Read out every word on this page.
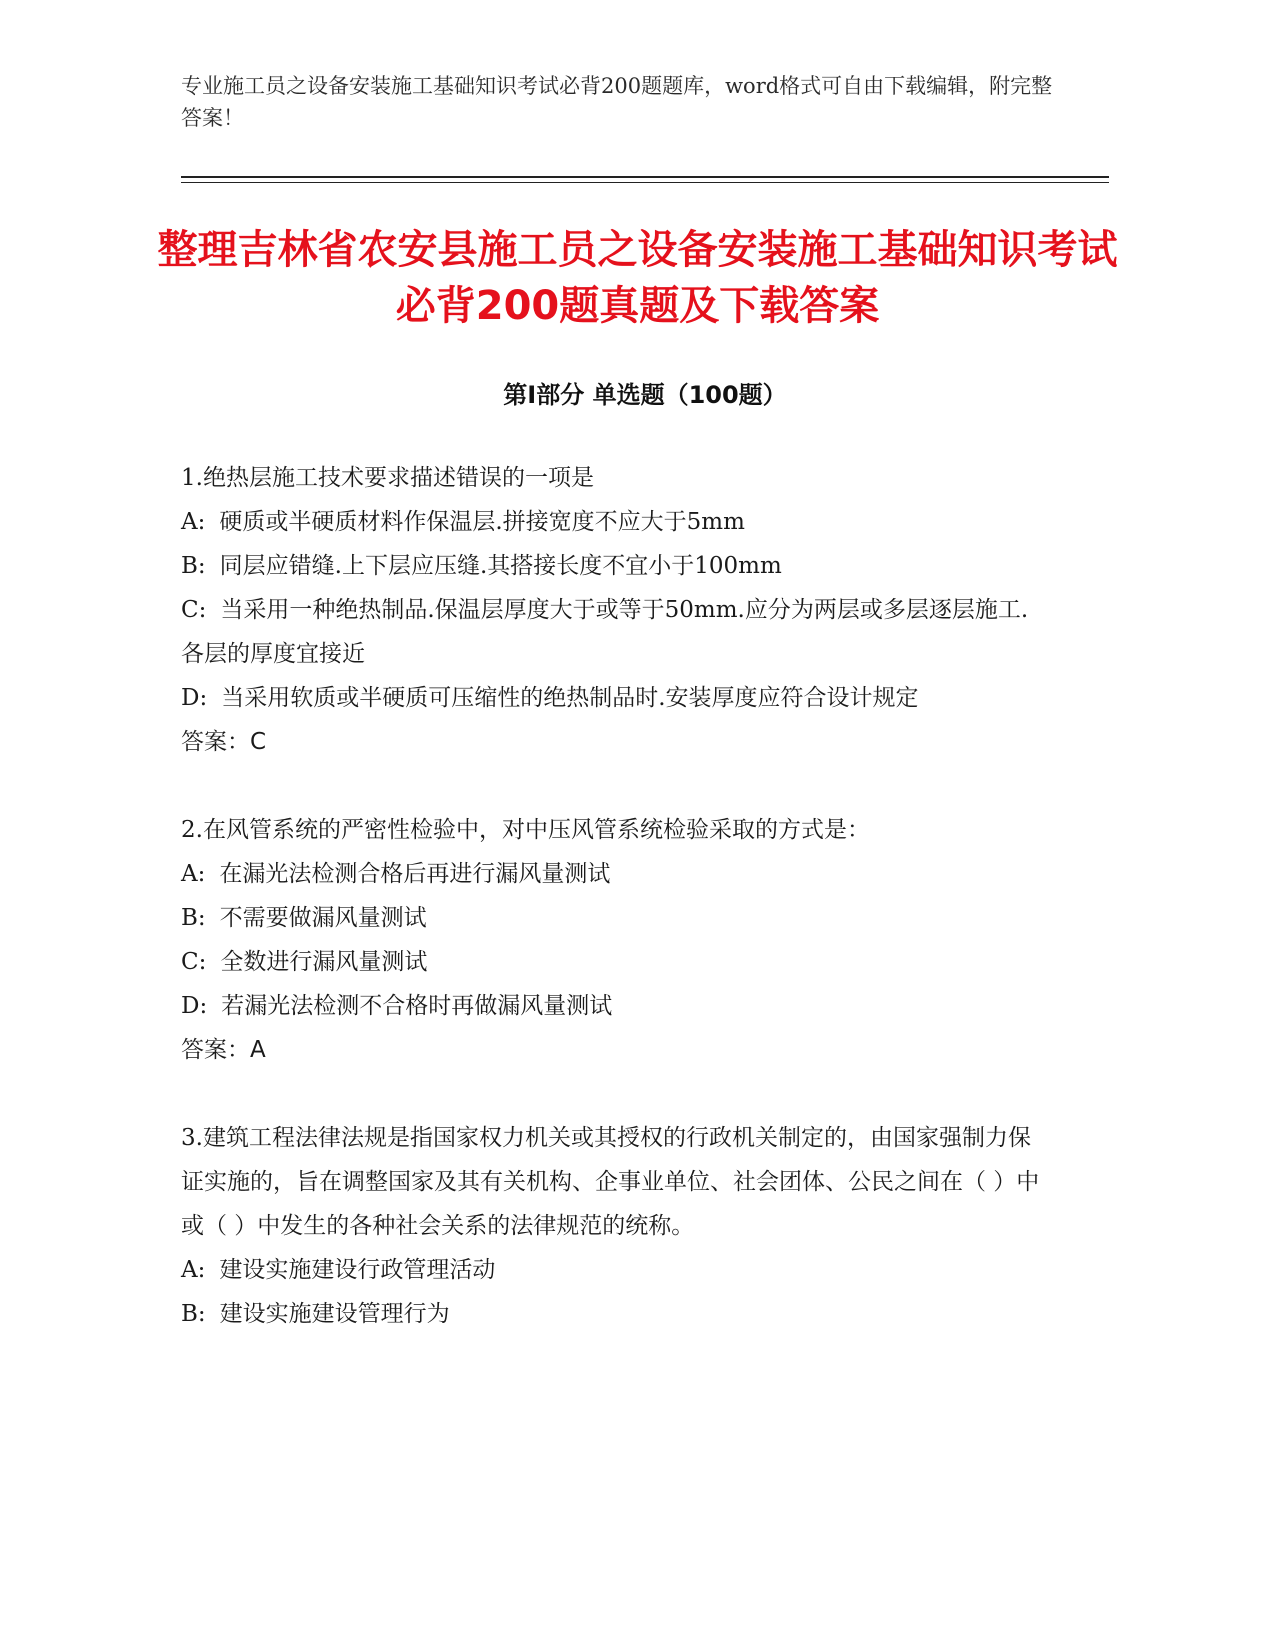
专业施工员之设备安装施工基础知识考试必背200题题库，word格式可自由下载编辑，附完整答案！
整理吉林省农安县施工员之设备安装施工基础知识考试必背200题真题及下载答案
第Ⅰ部分 单选题（100题）

1.绝热层施工技术要求描述错误的一项是

A: 硬质或半硬质材料作保温层.拼接宽度不应大于5mm

B: 同层应错缝.上下层应压缝.其搭接长度不宜小于100mm

C: 当采用一种绝热制品.保温层厚度大于或等于50mm.应分为两层或多层逐层施工.各层的厚度宜接近

D: 当采用软质或半硬质可压缩性的绝热制品时.安装厚度应符合设计规定

答案：C

2.在风管系统的严密性检验中，对中压风管系统检验采取的方式是：

A: 在漏光法检测合格后再进行漏风量测试

B: 不需要做漏风量测试

C: 全数进行漏风量测试

D: 若漏光法检测不合格时再做漏风量测试

答案：A

3.建筑工程法律法规是指国家权力机关或其授权的行政机关制定的，由国家强制力保证实施的，旨在调整国家及其有关机构、企事业单位、社会团体、公民之间在（ ）中或（ ）中发生的各种社会关系的法律规范的统称。

A: 建设实施建设行政管理活动

B: 建设实施建设管理行为
